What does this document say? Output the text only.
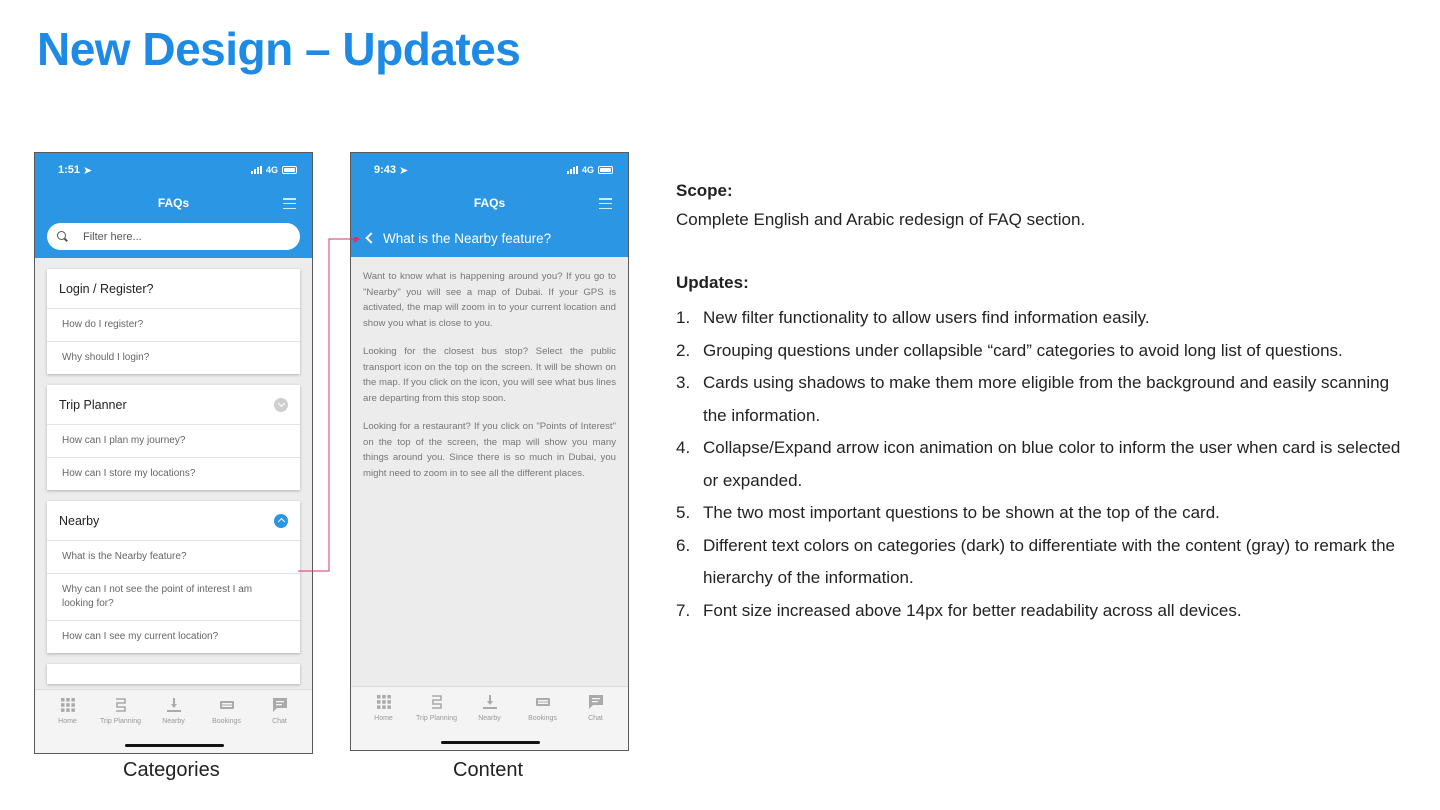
New Design – Updates
1:51 ➤	4G
FAQs
Filter here...
Login / Register?
How do I register?
Why should I login?
Trip Planner
How can I plan my journey?
How can I store my locations?
Nearby
What is the Nearby feature?
Why can I not see the point of interest I am looking for?
How can I see my current location?
Home	Trip Planning	Nearby	Bookings	Chat
9:43 ➤	4G
FAQs
What is the Nearby feature?

Want to know what is happening around you? If you go to "Nearby" you will see a map of Dubai. If your GPS is activated, the map will zoom in to your current location and show you what is close to you.

Looking for the closest bus stop? Select the public transport icon on the top on the screen. It will be shown on the map. If you click on the icon, you will see what bus lines are departing from this stop soon.

Looking for a restaurant? If you click on "Points of Interest" on the top of the screen, the map will show you many things around you. Since there is so much in Dubai, you might need to zoom in to see all the different places.

Home	Trip Planning	Nearby	Bookings	Chat
Categories	Content
Scope:
Complete English and Arabic redesign of FAQ section.
Updates:
1. New filter functionality to allow users find information easily.
2. Grouping questions under collapsible “card” categories to avoid long list of questions.
3. Cards using shadows to make them more eligible from the background and easily scanning the information.
4. Collapse/Expand arrow icon animation on blue color to inform the user when card is selected or expanded.
5. The two most important questions to be shown at the top of the card.
6. Different text colors on categories (dark) to differentiate with the content (gray) to remark the hierarchy of the information.
7. Font size increased above 14px for better readability across all devices.
